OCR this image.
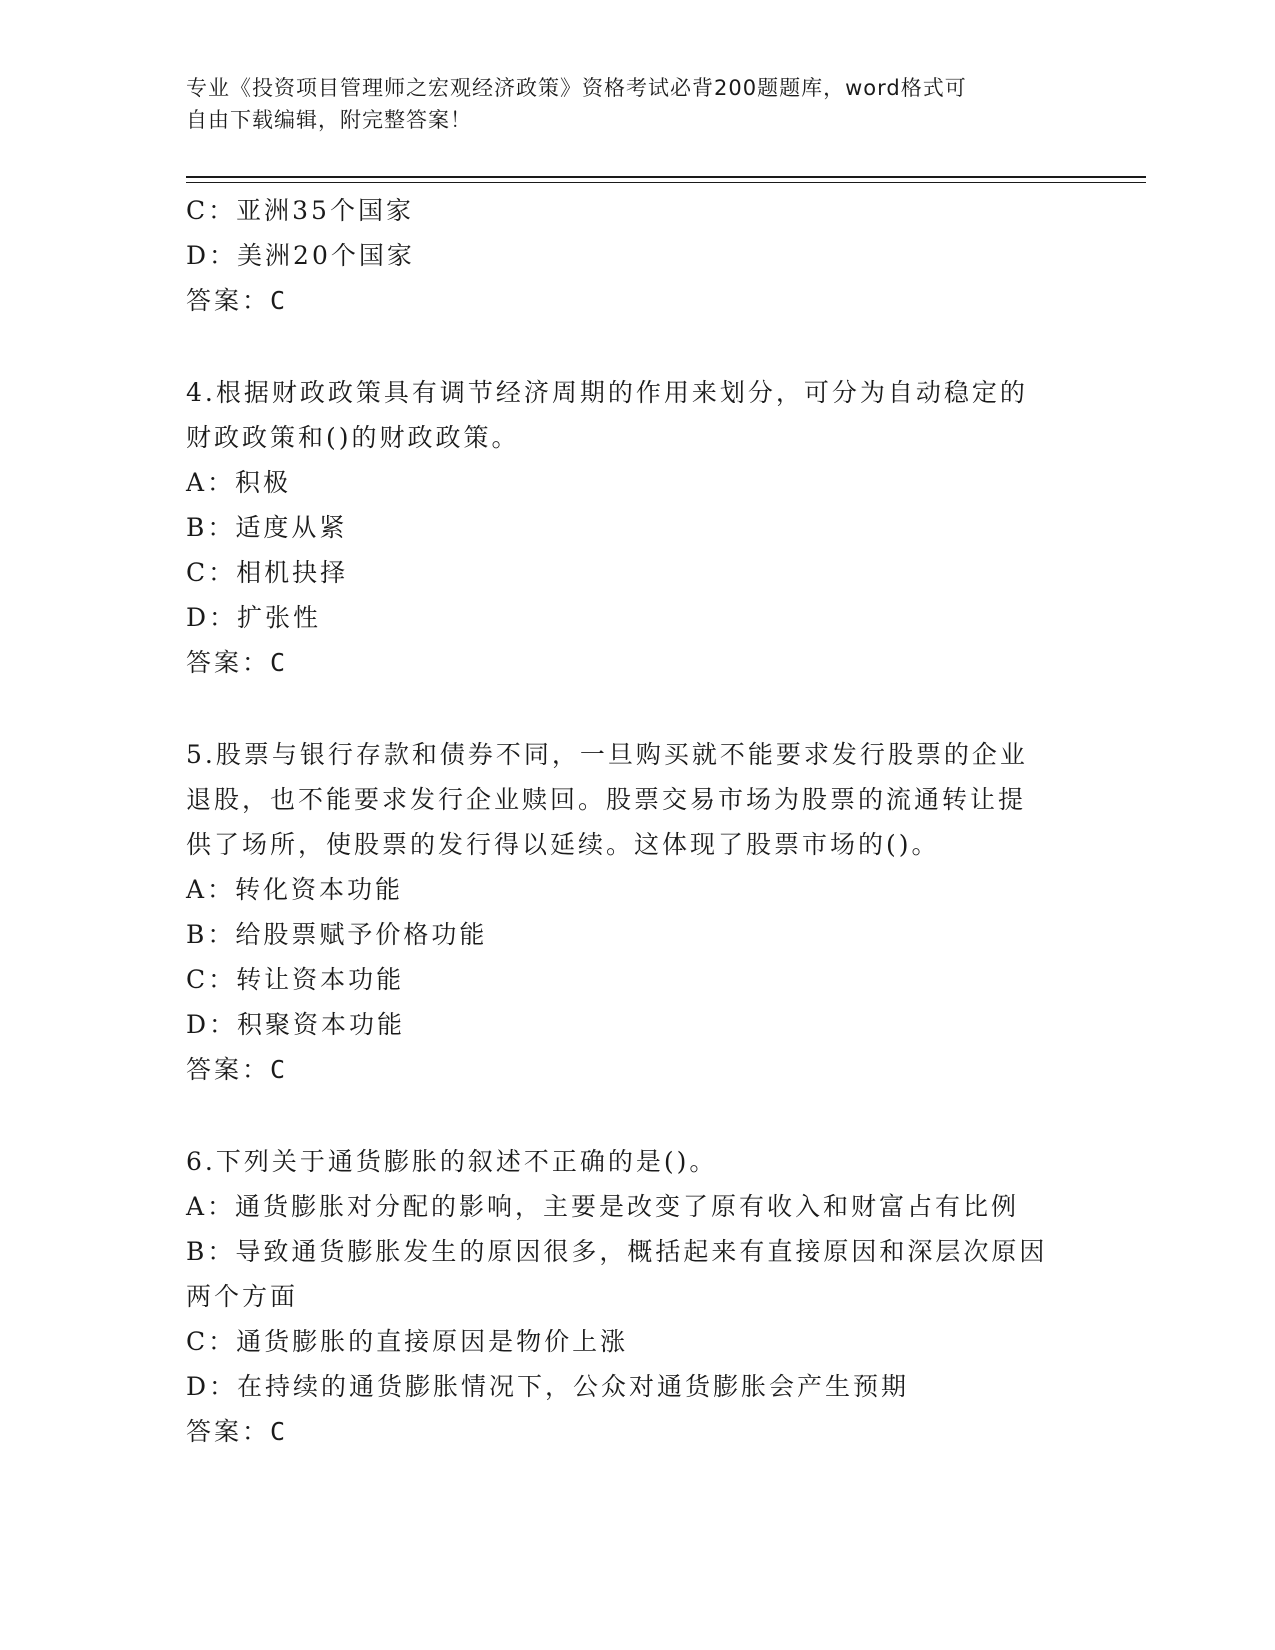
专业《投资项目管理师之宏观经济政策》资格考试必背200题题库，word格式可
自由下载编辑，附完整答案！
C：亚洲35个国家
D：美洲20个国家
答案：C
4.根据财政政策具有调节经济周期的作用来划分，可分为自动稳定的
财政政策和()的财政政策。
A：积极
B：适度从紧
C：相机抉择
D：扩张性
答案：C
5.股票与银行存款和债券不同，一旦购买就不能要求发行股票的企业
退股，也不能要求发行企业赎回。股票交易市场为股票的流通转让提
供了场所，使股票的发行得以延续。这体现了股票市场的()。
A：转化资本功能
B：给股票赋予价格功能
C：转让资本功能
D：积聚资本功能
答案：C
6.下列关于通货膨胀的叙述不正确的是()。
A：通货膨胀对分配的影响，主要是改变了原有收入和财富占有比例
B：导致通货膨胀发生的原因很多，概括起来有直接原因和深层次原因
两个方面
C：通货膨胀的直接原因是物价上涨
D：在持续的通货膨胀情况下，公众对通货膨胀会产生预期
答案：C
